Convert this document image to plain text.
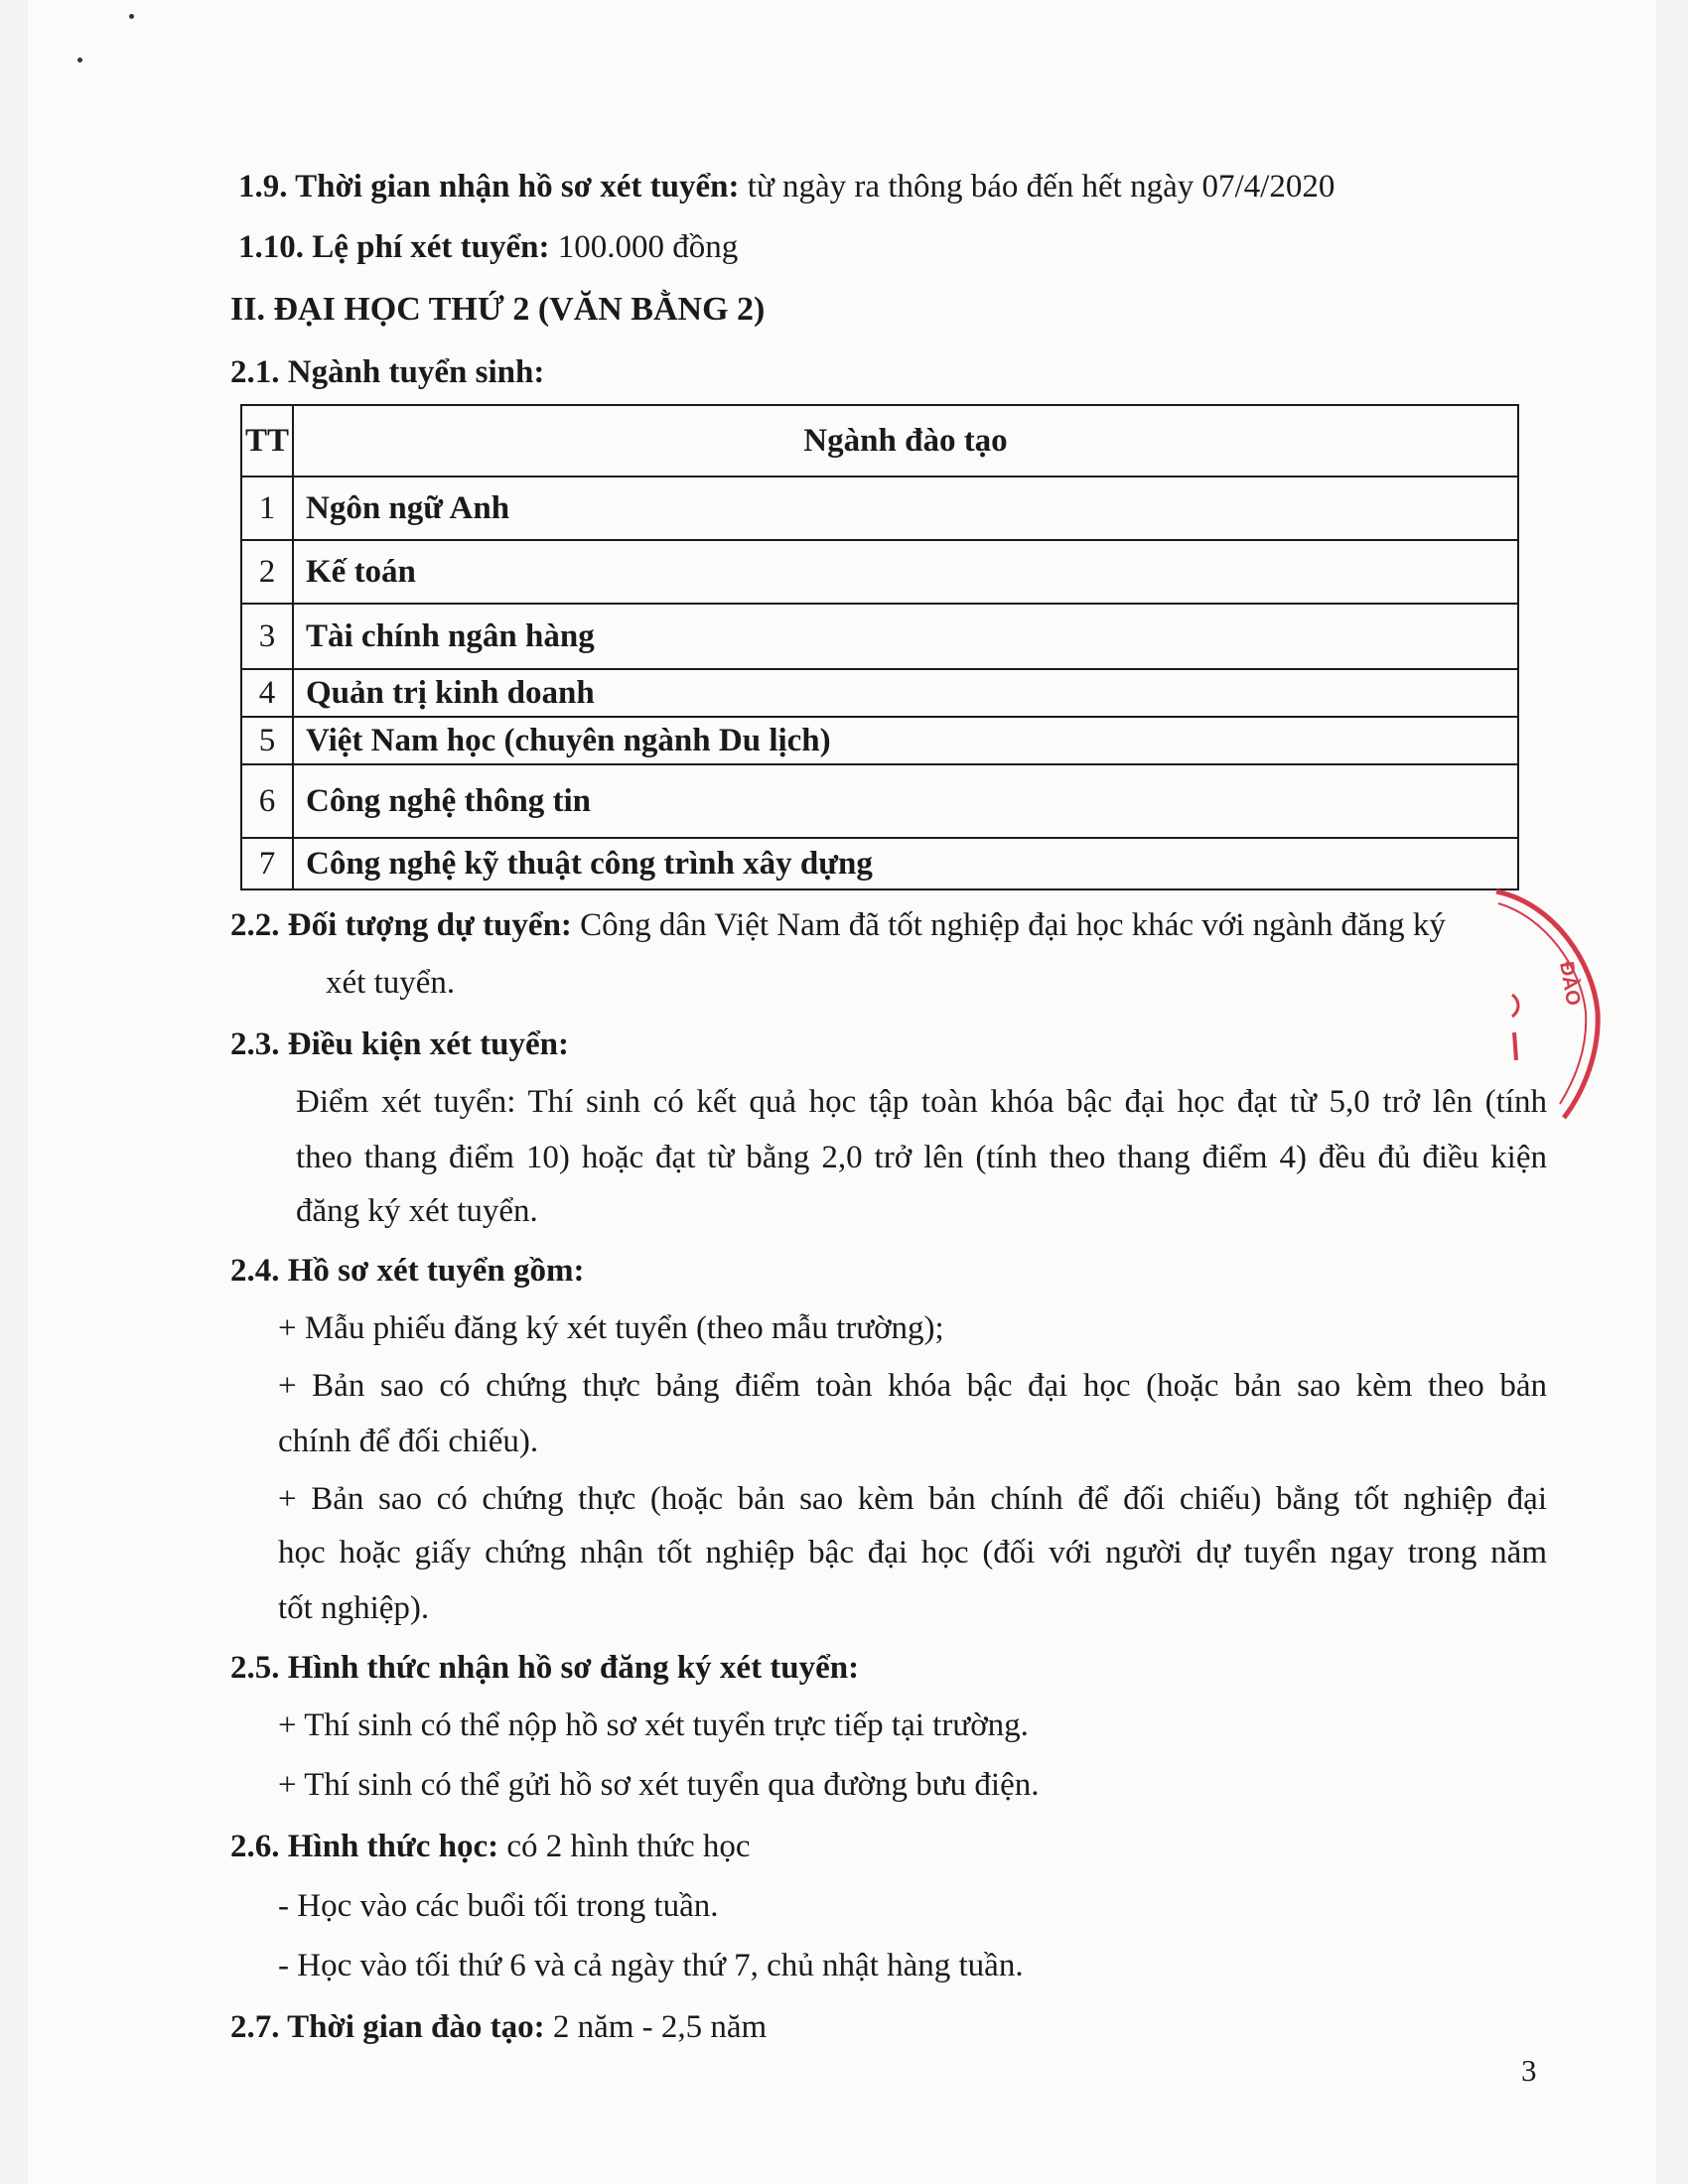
1.9. Thời gian nhận hồ sơ xét tuyển: từ ngày ra thông báo đến hết ngày 07/4/2020
1.10. Lệ phí xét tuyển: 100.000 đồng
II. ĐẠI HỌC THỨ 2 (VĂN BẰNG 2)
2.1. Ngành tuyển sinh:
TT	Ngành đào tạo
1	Ngôn ngữ Anh
2	Kế toán
3	Tài chính ngân hàng
4	Quản trị kinh doanh
5	Việt Nam học (chuyên ngành Du lịch)
6	Công nghệ thông tin
7	Công nghệ kỹ thuật công trình xây dựng
2.2. Đối tượng dự tuyển: Công dân Việt Nam đã tốt nghiệp đại học khác với ngành đăng ký
xét tuyển.
2.3. Điều kiện xét tuyển:
Điểm xét tuyển: Thí sinh có kết quả học tập toàn khóa bậc đại học đạt từ 5,0 trở lên (tính
theo thang điểm 10) hoặc đạt từ bằng 2,0 trở lên (tính theo thang điểm 4) đều đủ điều kiện
đăng ký xét tuyển.
2.4. Hồ sơ xét tuyển gồm:
+ Mẫu phiếu đăng ký xét tuyển (theo mẫu trường);
+ Bản sao có chứng thực bảng điểm toàn khóa bậc đại học (hoặc bản sao kèm theo bản
chính để đối chiếu).
+ Bản sao có chứng thực (hoặc bản sao kèm bản chính để đối chiếu) bằng tốt nghiệp đại
học hoặc giấy chứng nhận tốt nghiệp bậc đại học (đối với người dự tuyển ngay trong năm
tốt nghiệp).
2.5. Hình thức nhận hồ sơ đăng ký xét tuyển:
+ Thí sinh có thể nộp hồ sơ xét tuyển trực tiếp tại trường.
+ Thí sinh có thể gửi hồ sơ xét tuyển qua đường bưu điện.
2.6. Hình thức học: có 2 hình thức học
- Học vào các buổi tối trong tuần.
- Học vào tối thứ 6 và cả ngày thứ 7, chủ nhật hàng tuần.
2.7. Thời gian đào tạo: 2 năm - 2,5 năm
3
ĐÀO
